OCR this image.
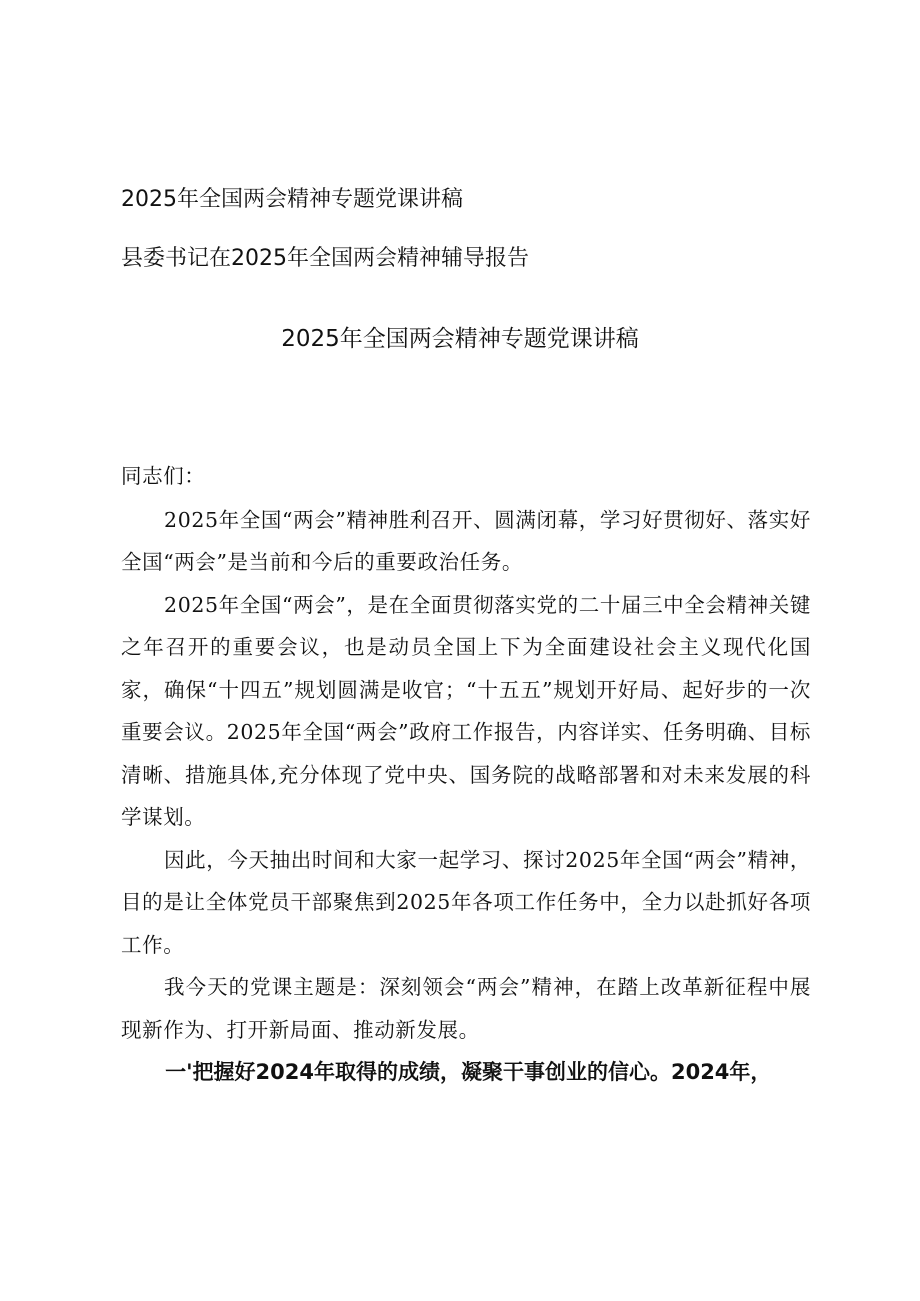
2025年全国两会精神专题党课讲稿
县委书记在2025年全国两会精神辅导报告
2025年全国两会精神专题党课讲稿

同志们：

2025年全国“两会”精神胜利召开、圆满闭幕，学习好贯彻好、落实好全国“两会”是当前和今后的重要政治任务。

2025年全国“两会”，是在全面贯彻落实党的二十届三中全会精神关键之年召开的重要会议，也是动员全国上下为全面建设社会主义现代化国家，确保“十四五”规划圆满是收官；“十五五”规划开好局、起好步的一次重要会议。2025年全国“两会”政府工作报告，内容详实、任务明确、目标清晰、措施具体,充分体现了党中央、国务院的战略部署和对未来发展的科学谋划。

因此，今天抽出时间和大家一起学习、探讨2025年全国“两会”精神，目的是让全体党员干部聚焦到2025年各项工作任务中，全力以赴抓好各项工作。

我今天的党课主题是：深刻领会“两会”精神，在踏上改革新征程中展现新作为、打开新局面、推动新发展。

一'把握好2024年取得的成绩，凝聚干事创业的信心。2024年，
